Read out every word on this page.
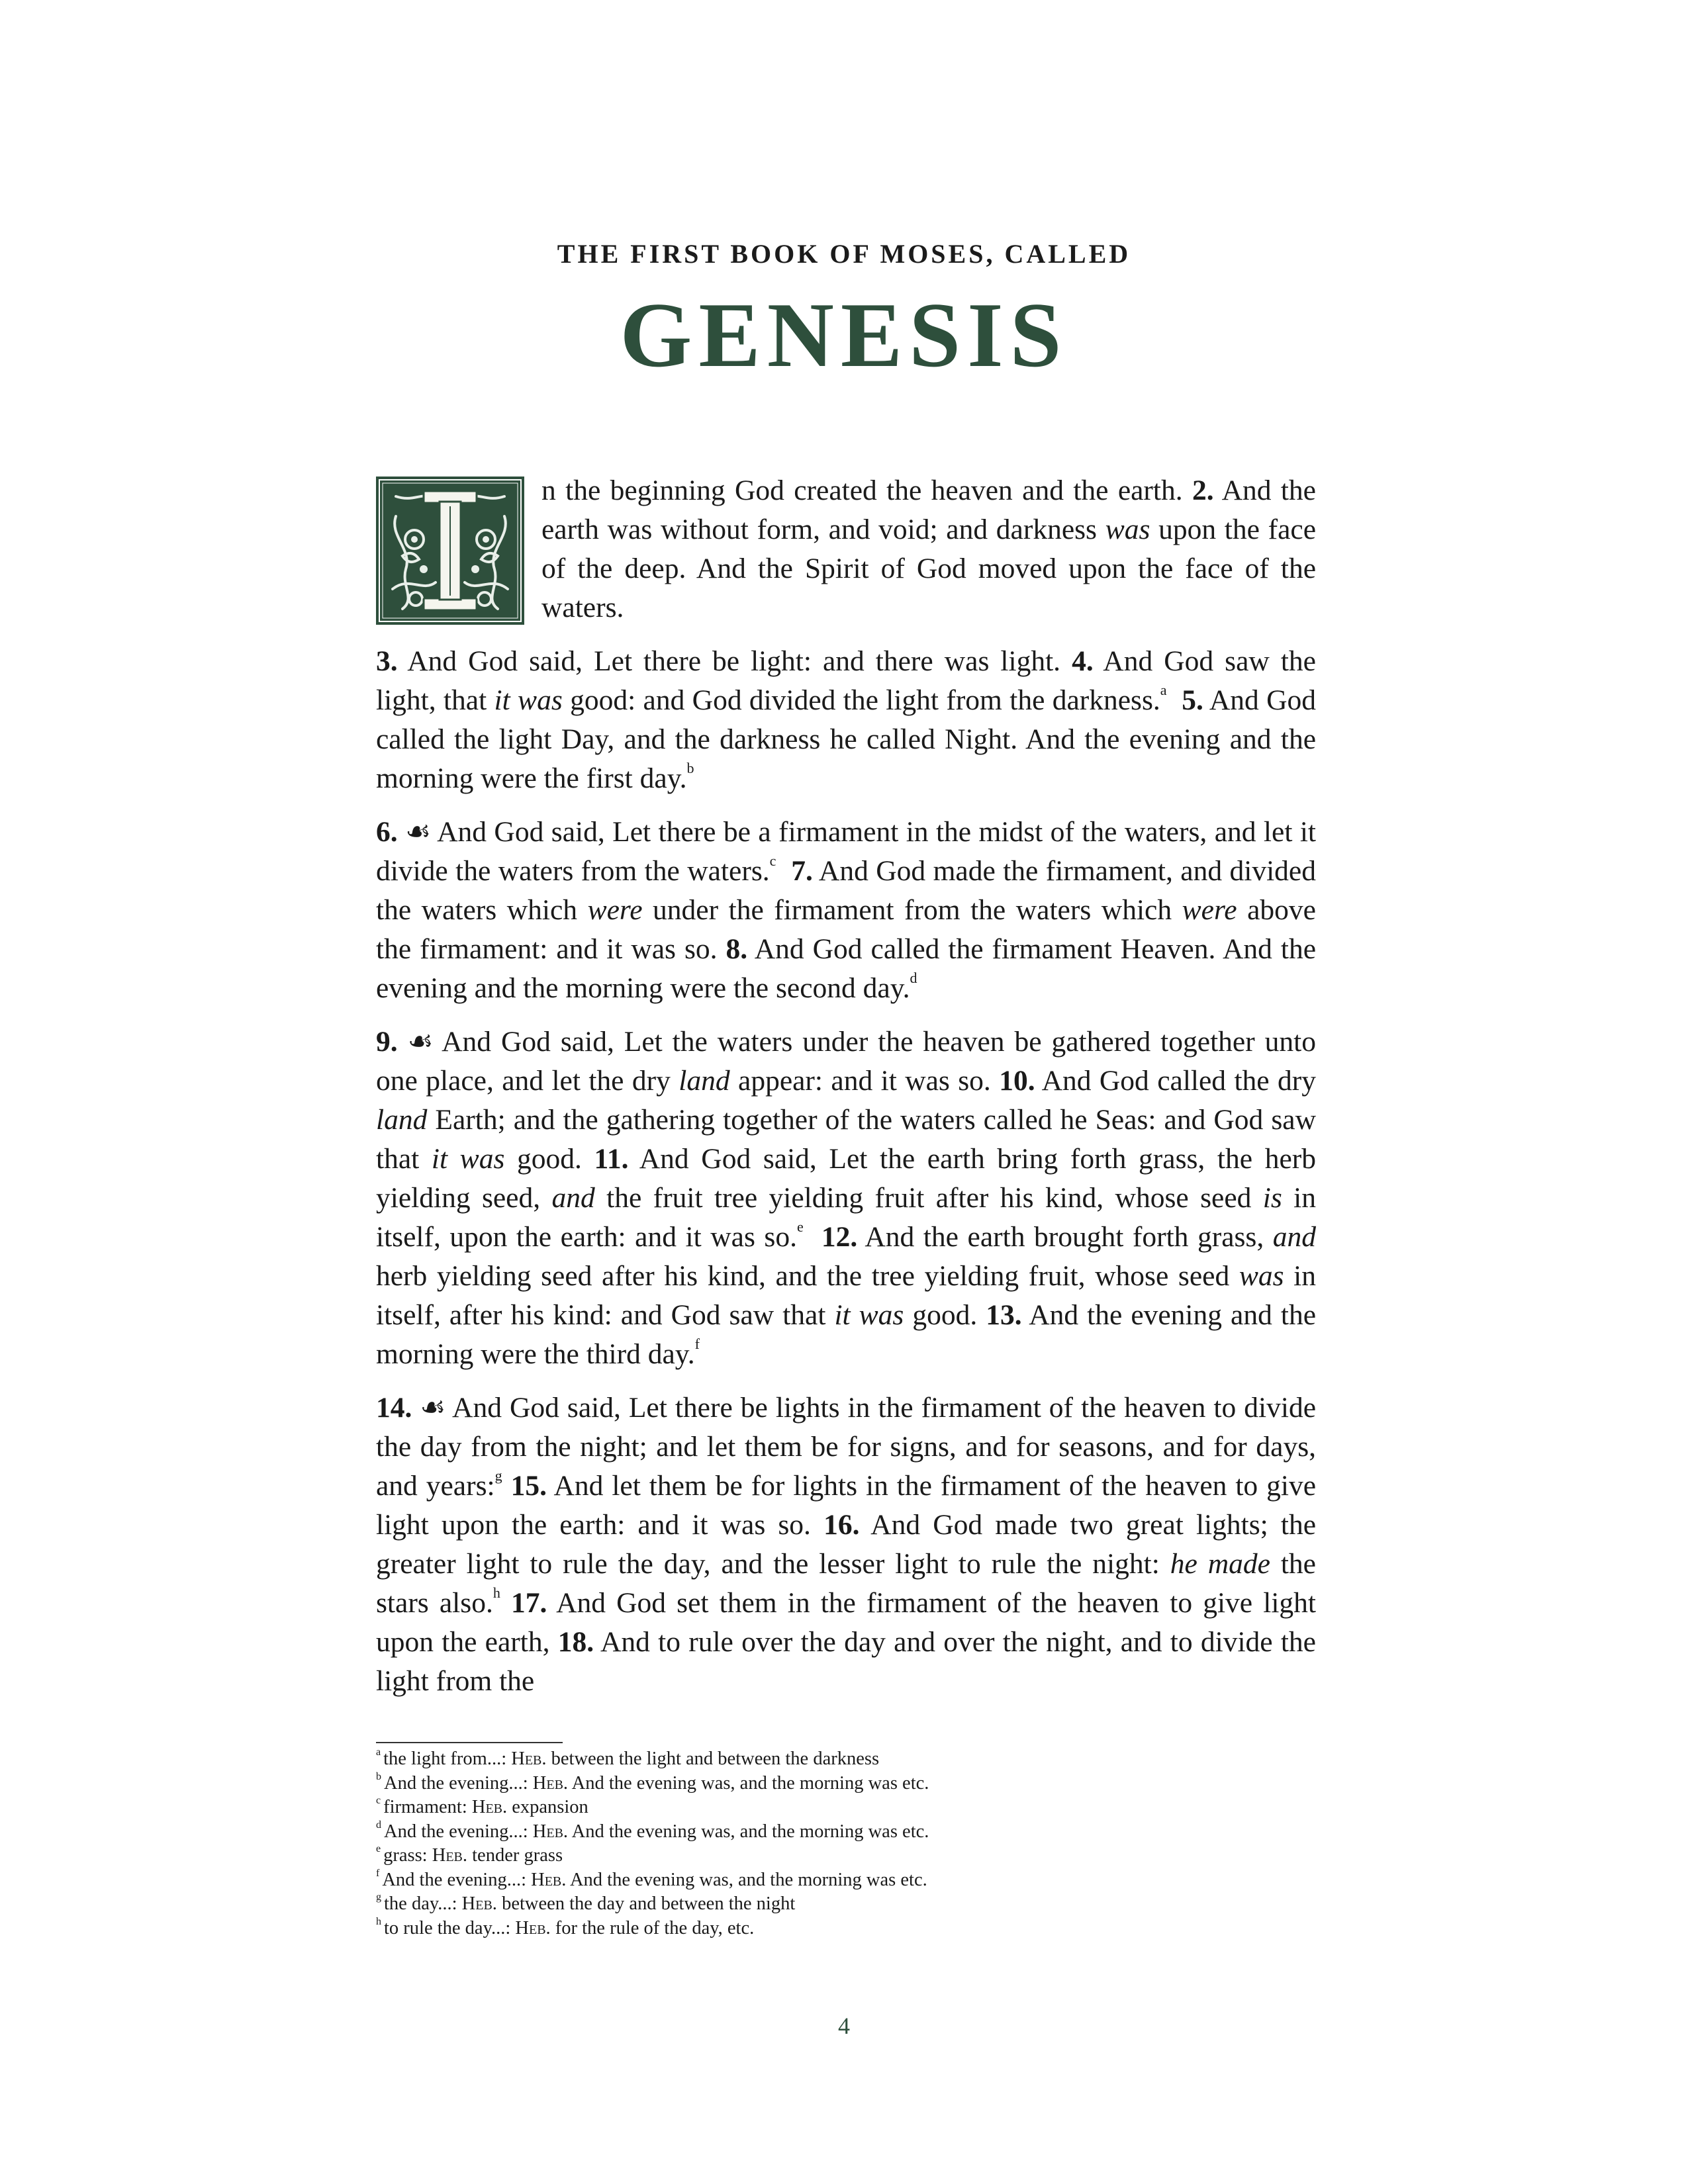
THE FIRST BOOK OF MOSES, CALLED
GENESIS
n the beginning God created the heaven and the earth. 2. And the earth was without form, and void; and darkness was upon the face of the deep. And the Spirit of God moved upon the face of the waters.

3. And God said, Let there be light: and there was light. 4. And God saw the light, that it was good: and God divided the light from the darkness.$^a$ 5. And God called the light Day, and the darkness he called Night. And the evening and the morning were the first day.$^b$

6. ☙ And God said, Let there be a firmament in the midst of the waters, and let it divide the waters from the waters.$^c$ 7. And God made the firmament, and divided the waters which were under the firmament from the waters which were above the firmament: and it was so. 8. And God called the firmament Heaven. And the evening and the morning were the second day.$^d$

9. ☙ And God said, Let the waters under the heaven be gathered together unto one place, and let the dry land appear: and it was so. 10. And God called the dry land Earth; and the gathering together of the waters called he Seas: and God saw that it was good. 11. And God said, Let the earth bring forth grass, the herb yielding seed, and the fruit tree yielding fruit after his kind, whose seed is in itself, upon the earth: and it was so.$^e$ 12. And the earth brought forth grass, and herb yielding seed after his kind, and the tree yielding fruit, whose seed was in itself, after his kind: and God saw that it was good. 13. And the evening and the morning were the third day.$^f$

14. ☙ And God said, Let there be lights in the firmament of the heaven to divide the day from the night; and let them be for signs, and for seasons, and for days, and years:$^g$ 15. And let them be for lights in the firmament of the heaven to give light upon the earth: and it was so. 16. And God made two great lights; the greater light to rule the day, and the lesser light to rule the night: he made the stars also.$^h$ 17. And God set them in the firmament of the heaven to give light upon the earth, 18. And to rule over the day and over the night, and to divide the light from the

$^a$ the light from...: Heb. between the light and between the darkness
$^b$ And the evening...: Heb. And the evening was, and the morning was etc.
$^c$ firmament: Heb. expansion
$^d$ And the evening...: Heb. And the evening was, and the morning was etc.
$^e$ grass: Heb. tender grass
$^f$ And the evening...: Heb. And the evening was, and the morning was etc.
$^g$ the day...: Heb. between the day and between the night
$^h$ to rule the day...: Heb. for the rule of the day, etc.
4
